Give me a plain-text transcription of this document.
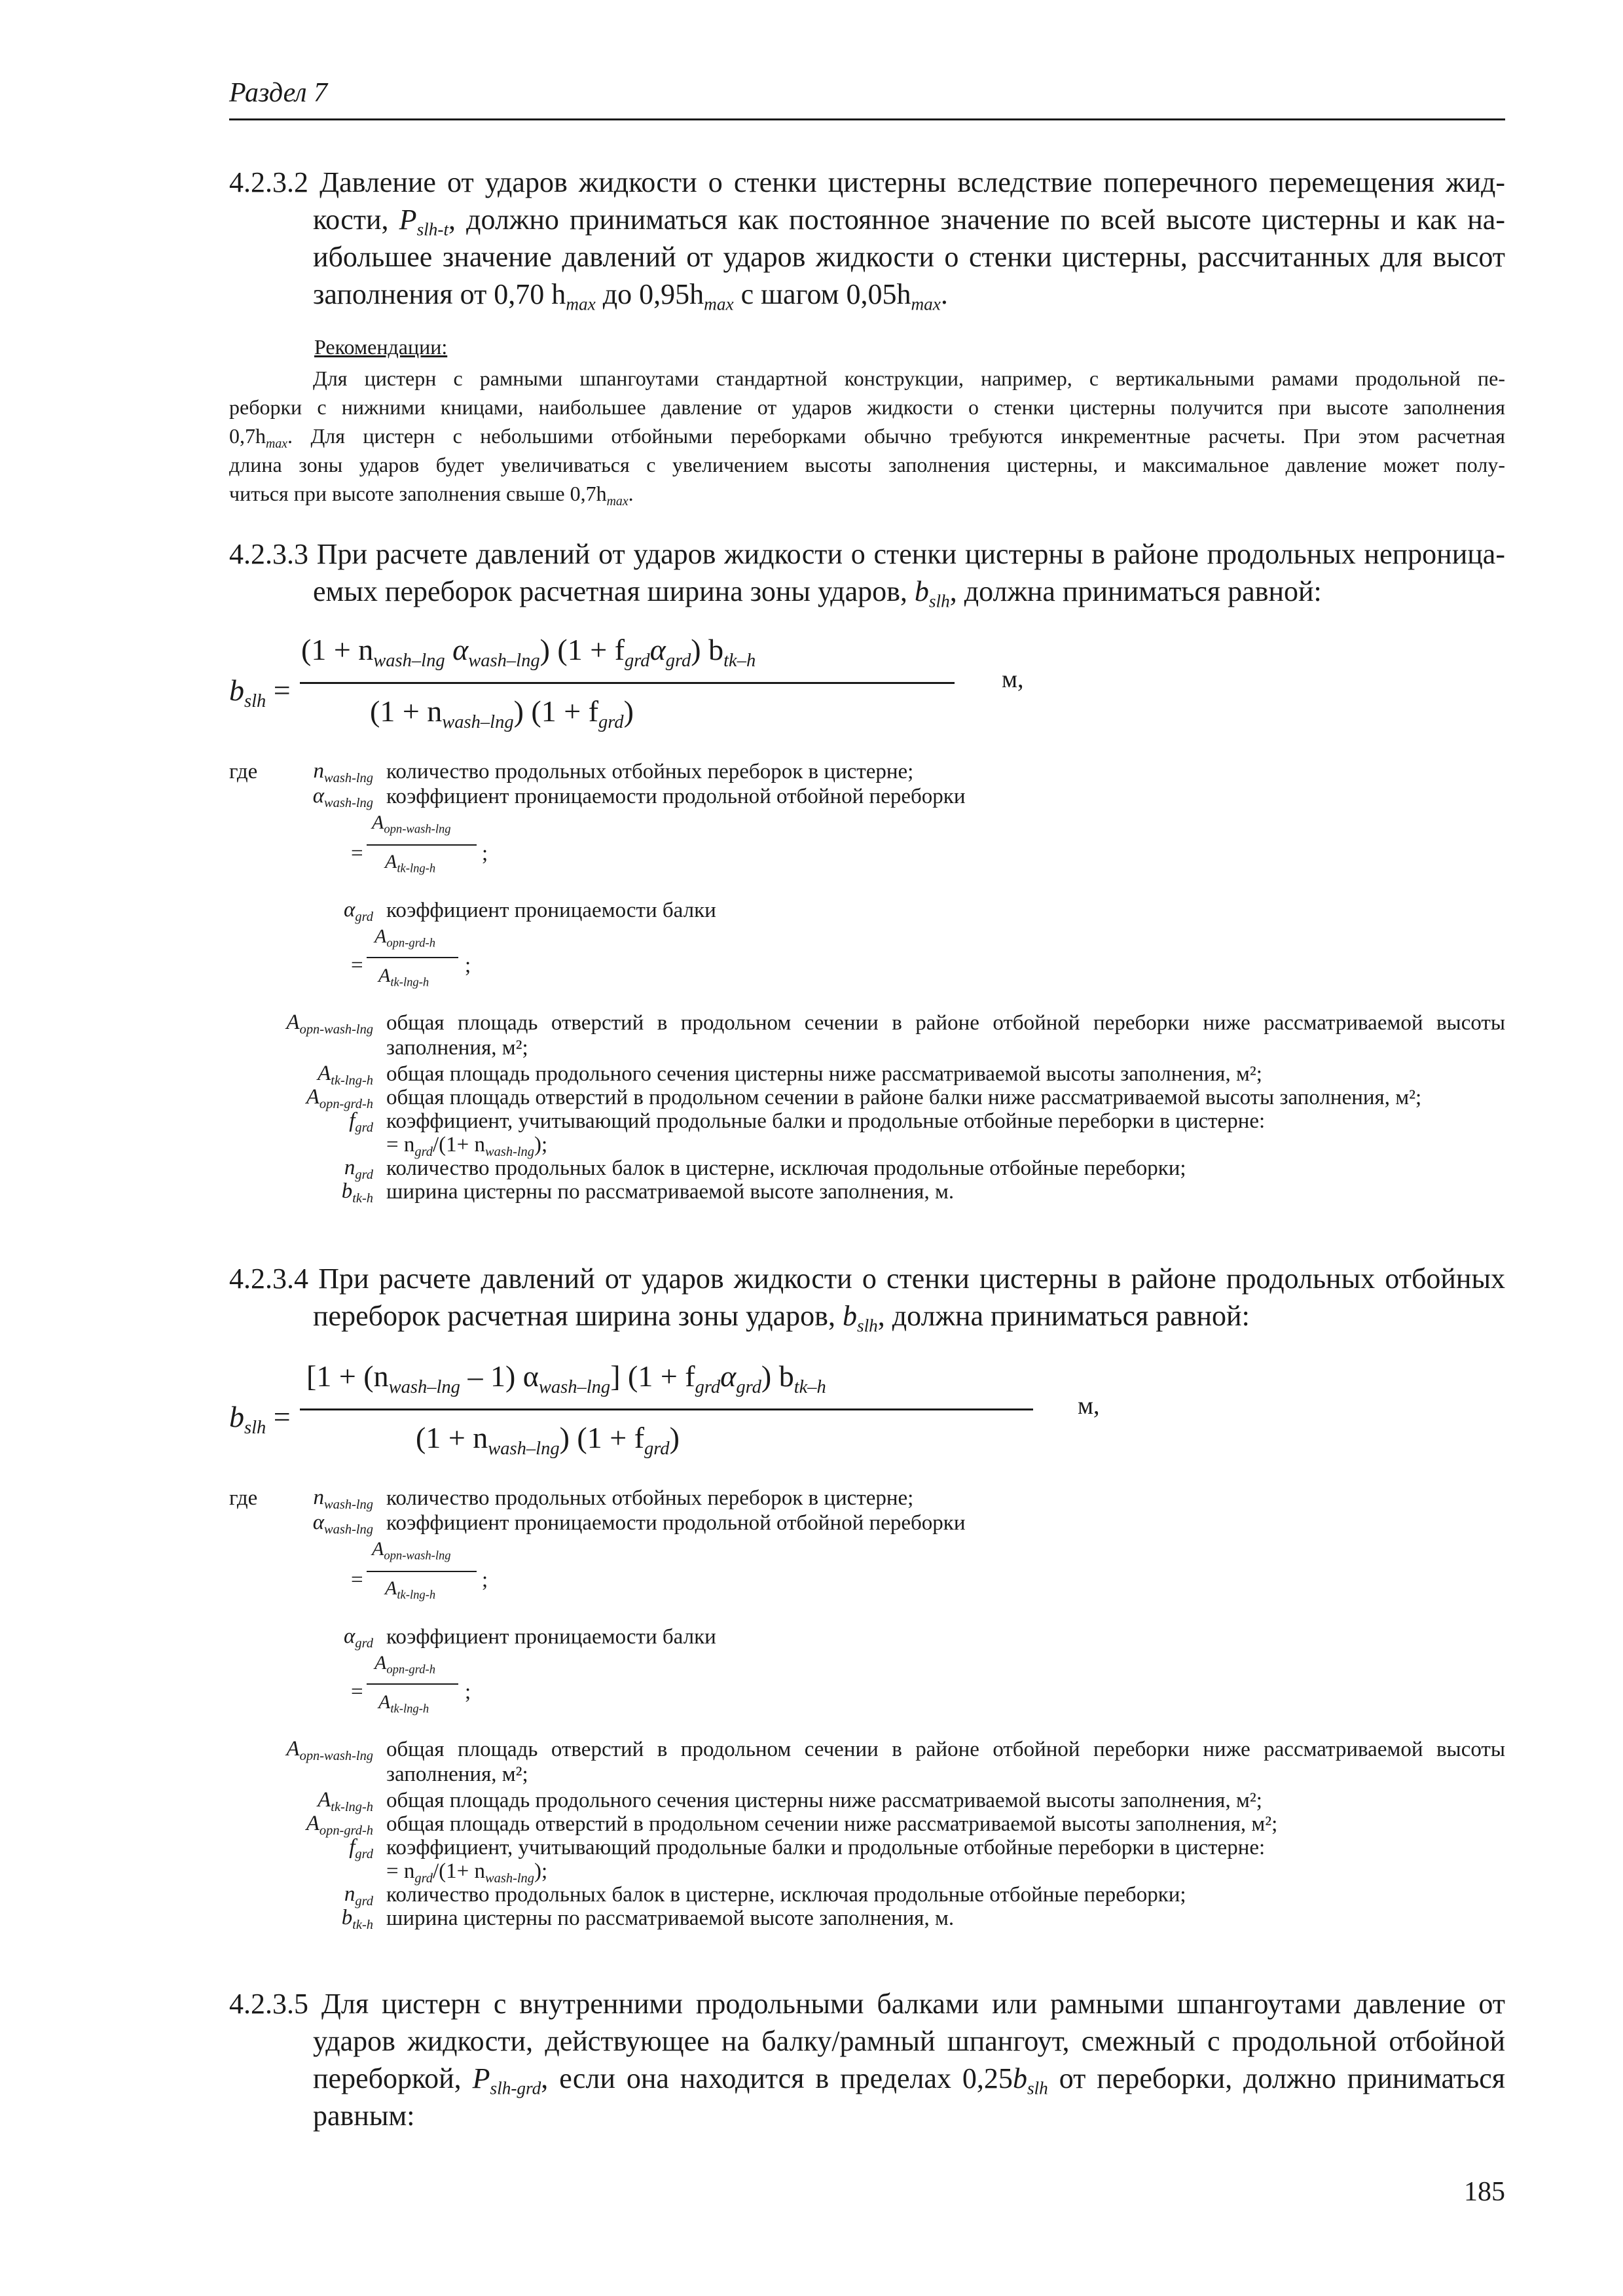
Раздел 7
4.2.3.2 Давление от ударов жидкости о стенки цистерны вследствие поперечного перемещения жид-
кости, $P_{slh-t}$, должно приниматься как постоянное значение по всей высоте цистерны и как на-
ибольшее значение давлений от ударов жидкости о стенки цистерны, рассчитанных для высот
заполнения от 0,70 $h_{max}$ до $0,95h_{max}$ с шагом $0,05h_{max}$.
Рекомендации:
Для цистерн с рамными шпангоутами стандартной конструкции, например, с вертикальными рамами продольной пе-
реборки с нижними кницами, наибольшее давление от ударов жидкости о стенки цистерны получится при высоте заполнения
$0,7h_{max}$. Для цистерн с небольшими отбойными переборками обычно требуются инкрементные расчеты. При этом расчетная
длина зоны ударов будет увеличиваться с увеличением высоты заполнения цистерны, и максимальное давление может полу-
читься при высоте заполнения свыше $0,7h_{max}$.
4.2.3.3 При расчете давлений от ударов жидкости о стенки цистерны в районе продольных непроница-
емых переборок расчетная ширина зоны ударов, $b_{slh}$, должна приниматься равной:
$b_{slh}$ =
($1 + n_{wash-lng}$ $\alpha_{wash-lng}$) $(1 + f_{grd}\alpha_{grd})$ $b_{tk-h}$
$(1 + n_{wash-lng})$ $(1 + f_{grd})$
м,
где	$n_{wash-lng}$ количество продольных отбойных переборок в цистерне;
$\alpha_{wash-lng}$ коэффициент проницаемости продольной отбойной переборки
=
$A_{opn-wash-lng}$
$A_{tk-lng-h}$
;
$\alpha_{grd}$ коэффициент проницаемости балки
=
$A_{opn-grd-h}$
$A_{tk-lng-h}$
;
$A_{opn-wash-lng}$ общая площадь отверстий в продольном сечении в районе отбойной переборки ниже рассматриваемой высоты
заполнения, м²;
$A_{tk-lng-h}$ общая площадь продольного сечения цистерны ниже рассматриваемой высоты заполнения, м²;
$A_{opn-grd-h}$ общая площадь отверстий в продольном сечении в районе балки ниже рассматриваемой высоты заполнения, м²;
$f_{grd}$ коэффициент, учитывающий продольные балки и продольные отбойные переборки в цистерне:
= $n_{grd}/(1+ n_{wash-lng})$;
$n_{grd}$ количество продольных балок в цистерне, исключая продольные отбойные переборки;
$b_{tk-h}$ ширина цистерны по рассматриваемой высоте заполнения, м.
4.2.3.4 При расчете давлений от ударов жидкости о стенки цистерны в районе продольных отбойных
переборок расчетная ширина зоны ударов, $b_{slh}$, должна приниматься равной:
$b_{slh}$ =
[$1 + (n_{wash-lng} - 1)$ $\alpha_{wash-lng}$] $(1 + f_{grd}\alpha_{grd})$ $b_{tk-h}$
$(1 + n_{wash-lng})$ $(1 + f_{grd})$
м,
где	$n_{wash-lng}$ количество продольных отбойных переборок в цистерне;
$\alpha_{wash-lng}$ коэффициент проницаемости продольной отбойной переборки
=
$A_{opn-wash-lng}$
$A_{tk-lng-h}$
;
$\alpha_{grd}$ коэффициент проницаемости балки
=
$A_{opn-grd-h}$
$A_{tk-lng-h}$
;
$A_{opn-wash-lng}$ общая площадь отверстий в продольном сечении в районе отбойной переборки ниже рассматриваемой высоты
заполнения, м²;
$A_{tk-lng-h}$ общая площадь продольного сечения цистерны ниже рассматриваемой высоты заполнения, м²;
$A_{opn-grd-h}$ общая площадь отверстий в продольном сечении ниже рассматриваемой высоты заполнения, м²;
$f_{grd}$ коэффициент, учитывающий продольные балки и продольные отбойные переборки в цистерне:
= $n_{grd}/(1+ n_{wash-lng})$;
$n_{grd}$ количество продольных балок в цистерне, исключая продольные отбойные переборки;
$b_{tk-h}$ ширина цистерны по рассматриваемой высоте заполнения, м.
4.2.3.5 Для цистерн с внутренними продольными балками или рамными шпангоутами давление от
ударов жидкости, действующее на балку/рамный шпангоут, смежный с продольной отбойной
переборкой, $P_{slh-grd}$, если она находится в пределах $0,25b_{slh}$ от переборки, должно приниматься
равным:
185
